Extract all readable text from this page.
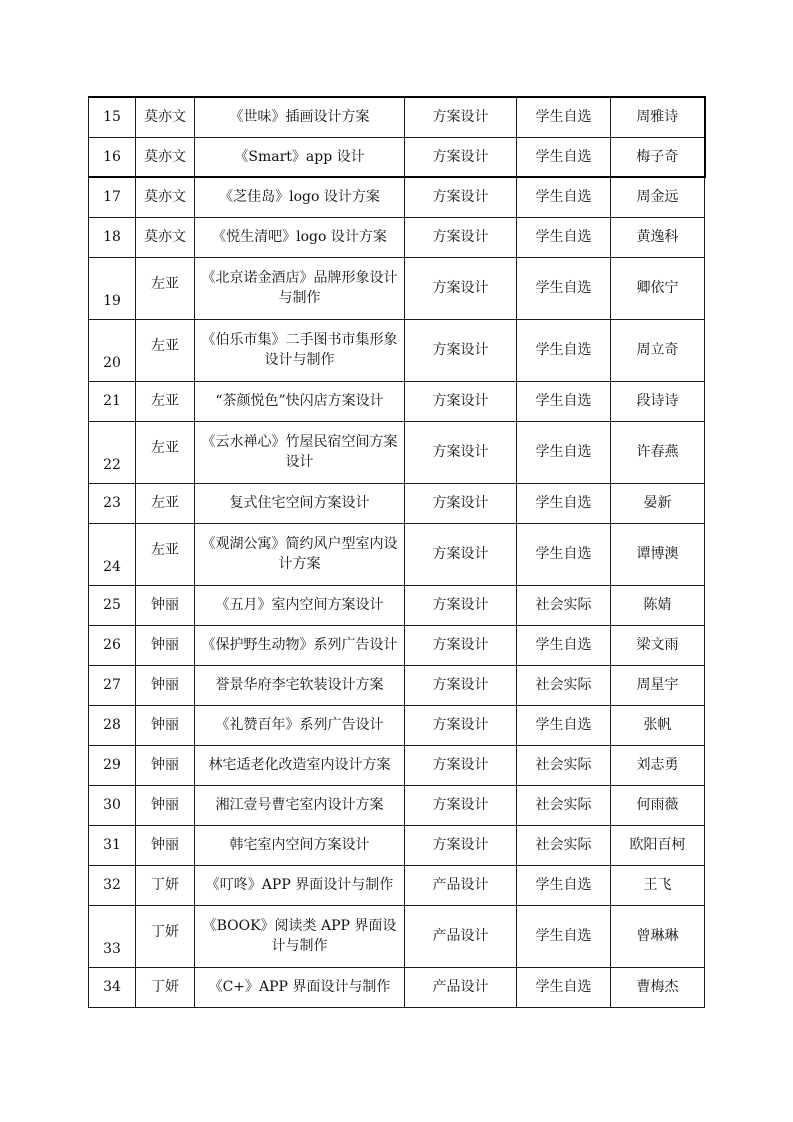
15	莫亦文	《世味》插画设计方案	方案设计	学生自选	周雅诗
16	莫亦文	《Smart》app 设计	方案设计	学生自选	梅子奇
17	莫亦文	《芝佳岛》logo 设计方案	方案设计	学生自选	周金远
18	莫亦文	《悦生清吧》logo 设计方案	方案设计	学生自选	黄逸科
19	左亚	《北京诺金酒店》品牌形象设计与制作	方案设计	学生自选	卿依宁
20	左亚	《伯乐市集》二手图书市集形象设计与制作	方案设计	学生自选	周立奇
21	左亚	“茶颜悦色”快闪店方案设计	方案设计	学生自选	段诗诗
22	左亚	《云水禅心》竹屋民宿空间方案设计	方案设计	学生自选	许春燕
23	左亚	复式住宅空间方案设计	方案设计	学生自选	晏新
24	左亚	《观湖公寓》简约风户型室内设计方案	方案设计	学生自选	谭博澳
25	钟丽	《五月》室内空间方案设计	方案设计	社会实际	陈婧
26	钟丽	《保护野生动物》系列广告设计	方案设计	学生自选	梁文雨
27	钟丽	誉景华府李宅软装设计方案	方案设计	社会实际	周星宇
28	钟丽	《礼赞百年》系列广告设计	方案设计	学生自选	张帆
29	钟丽	林宅适老化改造室内设计方案	方案设计	社会实际	刘志勇
30	钟丽	湘江壹号曹宅室内设计方案	方案设计	社会实际	何雨薇
31	钟丽	韩宅室内空间方案设计	方案设计	社会实际	欧阳百柯
32	丁妍	《叮咚》APP 界面设计与制作	产品设计	学生自选	王飞
33	丁妍	《BOOK》阅读类 APP 界面设计与制作	产品设计	学生自选	曾琳琳
34	丁妍	《C+》APP 界面设计与制作	产品设计	学生自选	曹梅杰
